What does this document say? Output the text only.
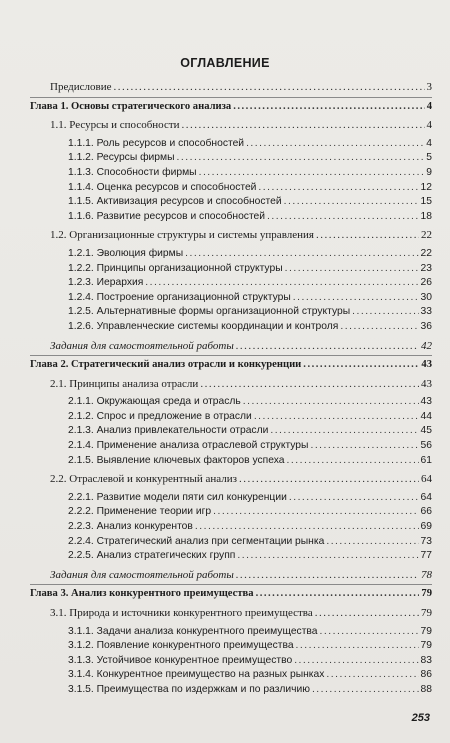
ОГЛАВЛЕНИЕ
Предисловие .....	3
Глава 1. Основы стратегического анализа .....	4
1.1. Ресурсы и способности .....	4
1.1.1. Роль ресурсов и способностей .....	4
1.1.2. Ресурсы фирмы .....	5
1.1.3. Способности фирмы .....	9
1.1.4. Оценка ресурсов и способностей .....	12
1.1.5. Активизация ресурсов и способностей .....	15
1.1.6. Развитие ресурсов и способностей .....	18
1.2. Организационные структуры и системы управления .....	22
1.2.1. Эволюция фирмы .....	22
1.2.2. Принципы организационной структуры .....	23
1.2.3. Иерархия .....	26
1.2.4. Построение организационной структуры .....	30
1.2.5. Альтернативные формы организационной структуры .....	33
1.2.6. Управленческие системы координации и контроля .....	36
Задания для самостоятельной работы .....	42
Глава 2. Стратегический анализ отрасли и конкуренции .....	43
2.1. Принципы анализа отрасли .....	43
2.1.1. Окружающая среда и отрасль .....	43
2.1.2. Спрос и предложение в отрасли .....	44
2.1.3. Анализ привлекательности отрасли .....	45
2.1.4. Применение анализа отраслевой структуры .....	56
2.1.5. Выявление ключевых факторов успеха .....	61
2.2. Отраслевой и конкурентный анализ .....	64
2.2.1. Развитие модели пяти сил конкуренции .....	64
2.2.2. Применение теории игр .....	66
2.2.3. Анализ конкурентов .....	69
2.2.4. Стратегический анализ при сегментации рынка .....	73
2.2.5. Анализ стратегических групп .....	77
Задания для самостоятельной работы .....	78
Глава 3. Анализ конкурентного преимущества .....	79
3.1. Природа и источники конкурентного преимущества .....	79
3.1.1. Задачи анализа конкурентного преимущества .....	79
3.1.2. Появление конкурентного преимущества .....	79
3.1.3. Устойчивое конкурентное преимущество .....	83
3.1.4. Конкурентное преимущество на разных рынках .....	86
3.1.5. Преимущества по издержкам и по различию .....	88
253
